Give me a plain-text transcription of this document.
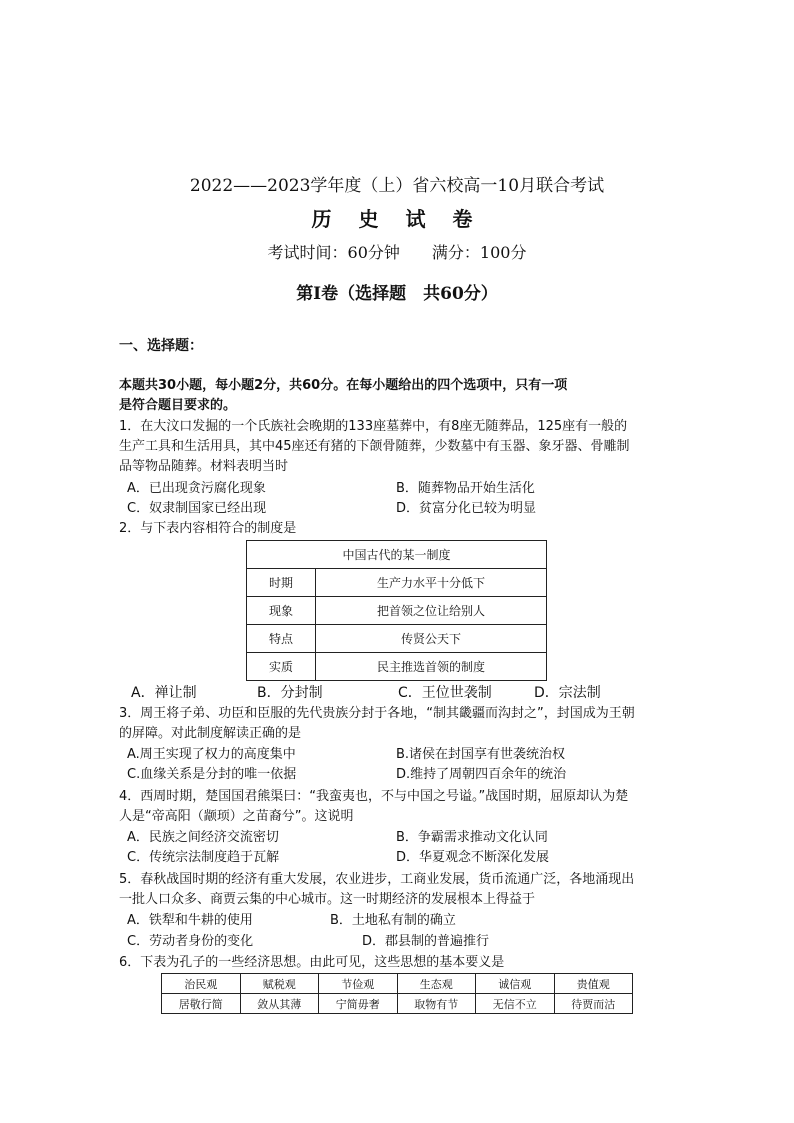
2022——2023学年度（上）省六校高一10月联合考试
历 史 试 卷
考试时间：60分钟　　满分：100分
第Ⅰ卷（选择题　共60分）
一、选择题：
本题共30小题，每小题2分，共60分。在每小题给出的四个选项中，只有一项
是符合题目要求的。
1．在大汶口发掘的一个氏族社会晚期的133座墓葬中，有8座无随葬品，125座有一般的
生产工具和生活用具，其中45座还有猪的下颌骨随葬，少数墓中有玉器、象牙器、骨雕制
品等物品随葬。材料表明当时
A．已出现贪污腐化现象	B．随葬物品开始生活化
C．奴隶制国家已经出现	D．贫富分化已较为明显
2．与下表内容相符合的制度是
中国古代的某一制度	
时期	生产力水平十分低下
现象	把首领之位让给别人
特点	传贤公天下
实质	民主推选首领的制度
A．禅让制	B．分封制	C．王位世袭制	D．宗法制
3．周王将子弟、功臣和臣服的先代贵族分封于各地，“制其畿疆而沟封之”，封国成为王朝
的屏障。对此制度解读正确的是
A.周王实现了权力的高度集中	B.诸侯在封国享有世袭统治权
C.血缘关系是分封的唯一依据	D.维持了周朝四百余年的统治
4．西周时期，楚国国君熊渠曰：“我蛮夷也，不与中国之号谥。”战国时期，屈原却认为楚
人是“帝高阳（颛顼）之苗裔兮”。这说明
A．民族之间经济交流密切	B．争霸需求推动文化认同
C．传统宗法制度趋于瓦解	D．华夏观念不断深化发展
5．春秋战国时期的经济有重大发展，农业进步，工商业发展，货币流通广泛，各地涌现出
一批人口众多、商贾云集的中心城市。这一时期经济的发展根本上得益于
A．铁犁和牛耕的使用	B．土地私有制的确立
C．劳动者身份的变化	D．郡县制的普遍推行
6．下表为孔子的一些经济思想。由此可见，这些思想的基本要义是
治民观	赋税观	节俭观	生态观	诚信观	贵值观
居敬行简	敛从其薄	宁简毋奢	取物有节	无信不立	待贾而沽
